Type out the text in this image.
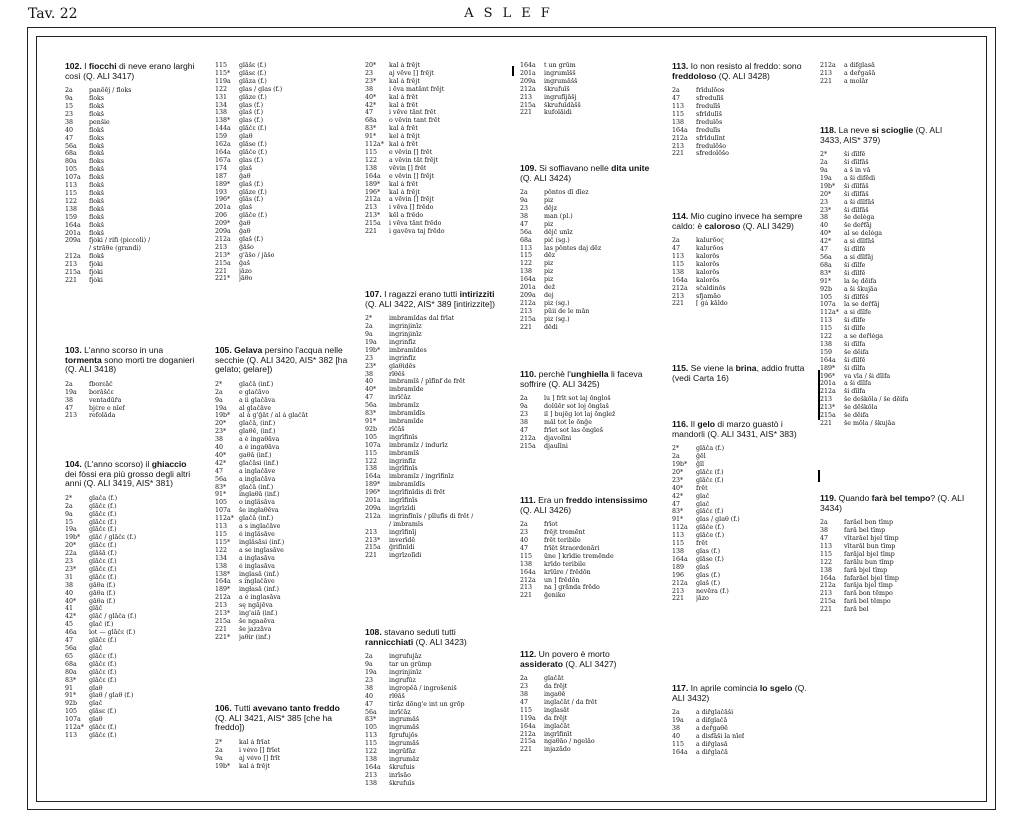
Tav. 22	ASLEF
102. I fiocchi di neve erano larghi così (Q. ALI 3417)
2a	panēēj / floks
9a	floks
15	flokš
23	flokš
38	penšie
40	flokš
47	floks
56a	flokš
68a	flokš
80a	floks
105	flokš
107a	flokš
113	flokš
115	flokš
122	flokš
138	flokš
159	flokš
164a	flokš
201a	flokš
209a	fjòki / rífi (piccoli) /
/ strāθe (grandi)
212a	flokš
213	fjòki
215a	fjòki
221	fjòki
103. L'anno scorso in una tormenta sono morti tre doganieri (Q. ALI 3418)
2a	fborεāč
19a	borāščε
38	ventadūřa
47	bjέre e nīef
213	refolāda
104. (L'anno scorso) il ghiaccio dei fòssi era più grosso degli altri anni (Q. ALI 3419, AIS* 381)
2*	glača (f.)
2a	glāčε (f.)
9a	glāčε (f.)
15	glāčε (f.)
19a	glāčε (f.)
19b*	glāč / glāčε (f.)
20*	glāčε (f.)
22a	glāšā (f.)
23	glāčε (f.)
23*	glāčε (f.)
31	glāčε (f.)
38	gāθa (f.)
40	gāθa (f.)
40*	gāθa (f.)
41	glāč
42*	glāč / glāča (f.)
45	glač (f.)
46a	lot — glāčε (f.)
47	glāčε (f.)
56a	glač
65	glāčε (f.)
68a	glāčε (f.)
80a	glāčε (f.)
83*	glāčε (f.)
91	glaθ
91*	glaθ / glaθ (f.)
92b	glač
105	glāsε (f.)
107a	glaθ
112a* glāčε (f.)
113	glāčε (f.)
115	glāšε (f.)
115*	glāsε (f.)
119a	glāza (f.)
122	glas / glas (f.)
131	glāze (f.)
134	glas (f.)
138	glaš (f.)
138*	glas (f.)
144a	glāčε (f.)
159	glaθ
162a	glāse (f.)
164a	glāče (f.)
167a	glas (f.)
174	glaš
187	ğaθ
189*	glaš (f.)
193	glāze (f.)
196*	glās (f.)
201a	glaš
206	glāče (f.)
209*	ğaθ
209a	ğaθ
212a	glaš (f.)
213	ğāšo
213*	g'āšo / jāšo
215a	ğaš
221	jāzo
221*	jāθo
105. Gelava persino l'acqua nelle secchie (Q. ALI 3420, AIS* 382 [ha gelato; gelare])
2*	glačā (inf.)
2a	e glačāvo
9a	a íi glačāva
19a	al glačāve
19b*	al á g'ğāt / al á glačāt
20*	glačā, (inf.)
23*	glaθē, (inf.)
38	a é ingaθāva
40	a é ingaθāva
40*	gaθā (inf.)
42*	glačāsi (inf.)
47	a inglačāve
56a	a inglačāva
83*	glačā (inf.)
91*	inglaθā (inf.)
105	o ingläsāva
107a	še ingłaθēva
112a* glačā (inf.)
113	a s inglačāve
115	é ingläsāve
115*	ingläsāsi (inf.)
122	a se inglasāve
134	a inglasāva
138	é inglasāva
138*	inglasā (inf.)
164a	s inglačāve
189*	ingłasā (inf.)
212a	a é inglasāva
213	sę ngājēva
213*	ing'aiā (inf.)
215a	še ngaaēva
221	še jazzāva
221*	jaθir (inf.)
106. Tutti avevano tanto freddo (Q. ALI 3421, AIS* 385 [che ha freddo])
2*	kal á frīat
2a	i vévo [] frīet
9a	aj vévo [] frīt
19b*	kal á frējt
20*	kal á frējt
23	aj vēve [] frējt
23*	kal á frējt
38	i ēva matānt frējt
40*	kal á frēt
42*	kal á frēt
47	i vēve tānt frēt
68a	o vēvin tant frēt
83*	kal á frēt
91*	kel á frējt
112a* kal á frēt
115	e vēvin [] frēt
122	a vēvin tāt frējt
138	vēvin [] frēt
164a	e vēvin [] frējt
189*	kal á frēt
196*	kal á frējt
212a	a vēvin [] frējt
213	i vēva [] frēdo
213*	kēl a frēdo
215a	i vēva tānt frēdo
221	i gavēva taj frēdo
107. I ragazzi erano tutti intirizziti (Q. ALI 3422, AIS* 389 [intirizzite])
2*	imbramīdas dal frīat
2a	ingrinjinīz
9a	ingrinjinīz
19a	ingrinfīz
19b*	imbramīdes
23	ingrinfīz
23*	glaθidēs
38	rīθēš
40	imbramīš / pīfīnf de frēt
40*	imbramīde
47	inrīčāz
56a	imbramīz
83*	imbramīdīs
91*	imbramīde
92b	rīčāš
105	ingrīfinīs
107a	imbramīz / indurīz
115	imbramīš
122	ingrinfīz
138	ingrīfinīs
164a	imbramīz / ingrīfinīz
189*	imbramīdīs
196*	ingrīfinīdis di frēt
201a	ingrīfinīs
209a	ingrīzīdi
212a	ingrinfīnīs / pīlufīs di frēt /
/ imbramīs
213	ingrīfinīj
213*	inverīdē
215a	ğrifīnīdi
221	ingrīzolīdi
108. stavano seduti tutti rannicchiati (Q. ALI 3423)
2a	ingrufujāz
9a	tar un grūmp
19a	ingrinjinīz
23	ingrufūz
38	ingropēā / ingrošeniš
40	rīθāš
47	tirāz dōng'e int un grōp
56a	inrīčāz
83*	ingrumāš
105	ingrumāš
113	fgrufujōs
115	ingrumāš
122	ingrūfāz
138	ingrumāz
164a	škrufuis
213	inrīsāo
138	škrufuīs
164a	t un grūm
201a	ingrumīšš
209a	ingrumāšš
212a	škrufuīš
213	ingrufījāšj
215a	škrufuīdāšš
221	kufolāidi
109. Si soffiavano nelle dita unite (Q. ALI 3424)
2a	pōntos dī dīez
9a	piz
23	dējz
38	man (pl.)
47	piz
56a	dējč unīz
68a	pič (sg.)
113	las pōntes daj dēz
115	dēz
122	piz
138	piz
164a	piz
201a	dež
209a	dej
212a	piz (sg.)
213	pūii de le mān
215a	piz (sg.)
221	dēdi
110. perchè l'unghiella li faceva soffrire (Q. ALI 3425)
2a	lu ] frīt sot laj ōngloš
9a	dolūēr sot loj ōnglaš
23	il ] bujēg lot laj ōnglež
38	māl tot le ōnğe
47	frīet sot las ōngleš
212a	djavolīni
215a	djaulīni
111. Era un freddo intensissimo (Q. ALI 3426)
2a	frīot
23	frējt tremēnt
40	frēt teribile
47	frīēt štraordenāri
115	ūne ] krīdie tremēnde
138	krīdo teribile
164a	krīūre / frēdōn
212a	un ] frēdōn
213	na ] grānda frēdo
221	ğeniko
112. Un povero è morto assiderato (Q. ALI 3427)
2a	glačāt
23	da frējt
38	ingaθē
47	inglačāt / da frēt
115	inglasāt
119a	da frējt
164a	inglačāt
212a	ingrīfinīt
215a	ngaθāo / ngelāo
221	injazādo
113. Io non resisto al freddo: sono freddoloso (Q. ALI 3428)
2a	frīdulōos
47	sfredulīš
113	fredulīš
115	sfrīdulīš
138	fredulōs
164a	fredulīs
212a	sfrīdulīnt
213	fredulōšo
221	sfredolōšo
114. Mio cugino invece ha sempre caldo: è caloroso (Q. ALI 3429)
2a	kalurōoς
47	kalurōos
113	kalorōs
115	kalorōs
138	kalorōs
164a	kalorōs
212a	sčaldinōs
213	sfjamāo
221	[ gá kāldo
115. Se viene la brina, addio frutta (vedi Carta 16)
116. Il gelo di marzo guastò i mandorli (Q. ALI 3431, AIS* 383)
2*	glāča (f.)
2a	ğēl
19b*	ğīl
20*	glāčε (f.)
23*	glāčε (f.)
40*	frēt
42*	glač
47	glač
83*	glāčε (f.)
91*	glas / glaθ (f.)
112a	glāče (f.)
113	glāče (f.)
115	frēt
138	glas (f.)
164a	glāse (f.)
189	glaš
196	glas (f.)
212a	glaš (f.)
213	nevēra (f.)
221	jāzo
117. In aprile comincia lo sgelo (Q. ALI 3432)
2a	a diřglačāši
19a	a difglačā
38	a deřgaθē
40	a disfāši la nīef
115	a diřglasā
164a	a diřglačā
212a	a difglasā
213	a deřgašā
221	a molār
118. La neve si scioglie (Q. ALI 3433, AIS* 379)
2*	ši dīlfē
2a	ší dīlfāš
9a	a š in vā
19a	a ši difēdi
19b*	ši dīlfāš
20*	ši dīlfāš
23	a ši dīlfāš
23*	ši dīlfāš
38	še deléga
40	še deřfāj
40*	al se deléga
42*	a si dīlfāš
47	ši dīlfē
56a	a si dīlfāj
68a	ši dīlfe
83*	ši dīlfē
91*	la šę dēifa
92b	a ši škujāa
105	ši dīlfēš
107a	la se deřfāj
112a* a si dīlfe
113	ši dīlfe
115	ši dīlfe
122	a se deřléga
138	ši dīlfa
159	še dēifa
164a	ši dīlfē
189*	ši dīlfa
196*	va vīa / ši dīlfa
201a	a ši dīlfa
212a	ši dīlfa
213	še deškōla / še dēifa
213*	še dēškōla
215a	še dēifa
221	še mōla / škujāa
119. Quando farà bel tempo? (Q. ALI 3434)
2a	farāel bon tīmp
38	farā bel tīmp
47	vītarāel bjel tīmp
113	vītarāl bun tīmp
115	farājal bjel tīmp
122	farālu bun tīmp
138	farā bjel tīmp
164a	fafarāel bjel tīmp
212a	farāja bjel tīmp
213	farā bon tēmpo
215a	farā bel tēmpo
221	farā bel
